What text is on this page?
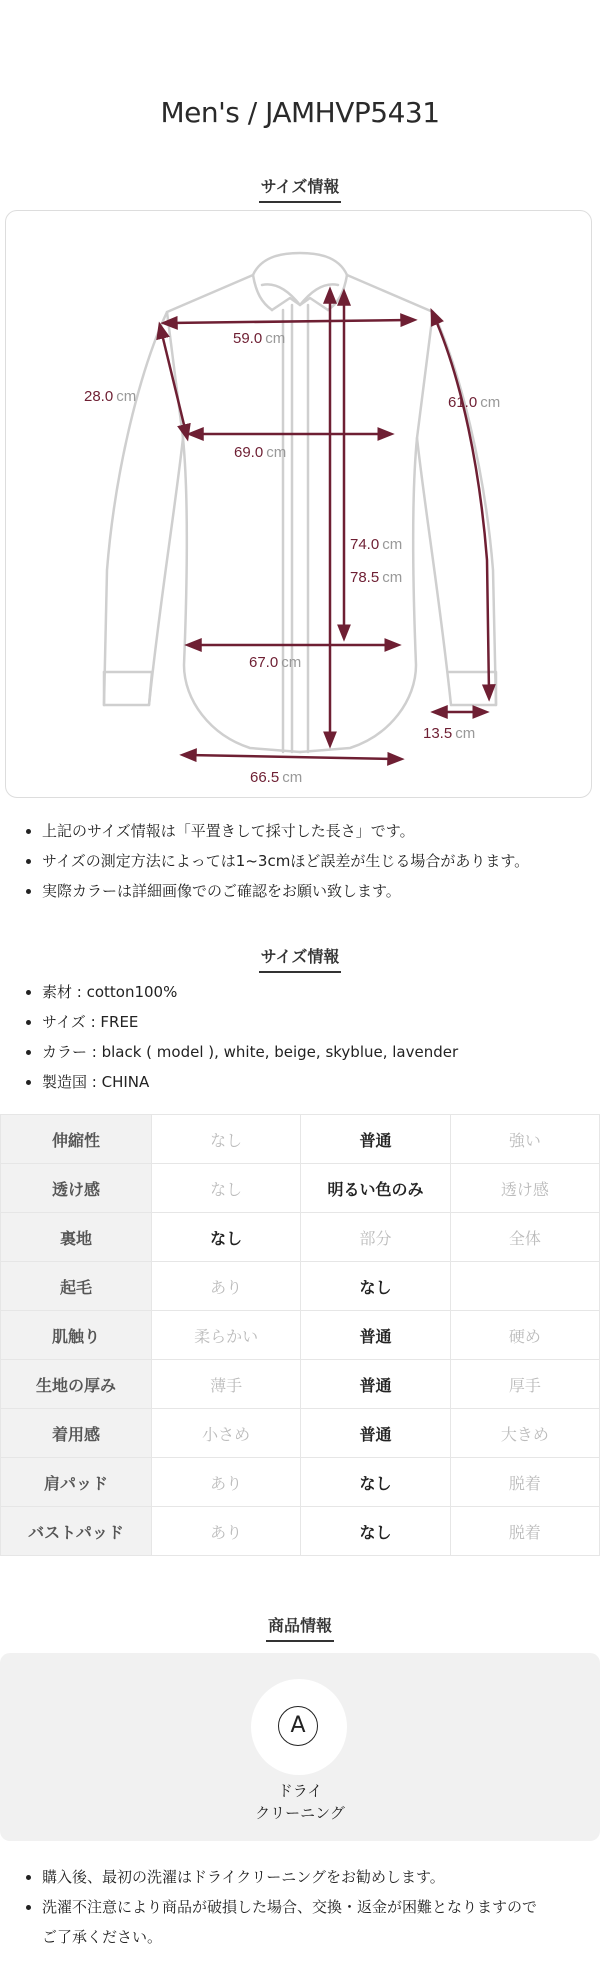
Men's / JAMHVP5431
サイズ情報
59.0 cm
28.0 cm	61.0 cm
69.0 cm
74.0 cm
78.5 cm
67.0 cm
13.5 cm
66.5 cm
• 上記のサイズ情報は「平置きして採寸した長さ」です。
• サイズの測定方法によっては1~3cmほど誤差が生じる場合があります。
• 実際カラーは詳細画像でのご確認をお願い致します。
サイズ情報
• 素材 : cotton100%
• サイズ : FREE
• カラー : black ( model ), white, beige, skyblue, lavender
• 製造国 : CHINA
伸縮性	なし	普通	強い
透け感	なし	明るい色のみ	透け感
裏地	なし	部分	全体
起毛	あり	なし	
肌触り	柔らかい	普通	硬め
生地の厚み	薄手	普通	厚手
着用感	小さめ	普通	大きめ
肩パッド	あり	なし	脱着
バストパッド	あり	なし	脱着
商品情報
A
ドライ
クリーニング
• 購入後、最初の洗濯はドライクリーニングをお勧めします。
• 洗濯不注意により商品が破損した場合、交換・返金が困難となりますので
ご了承ください。
